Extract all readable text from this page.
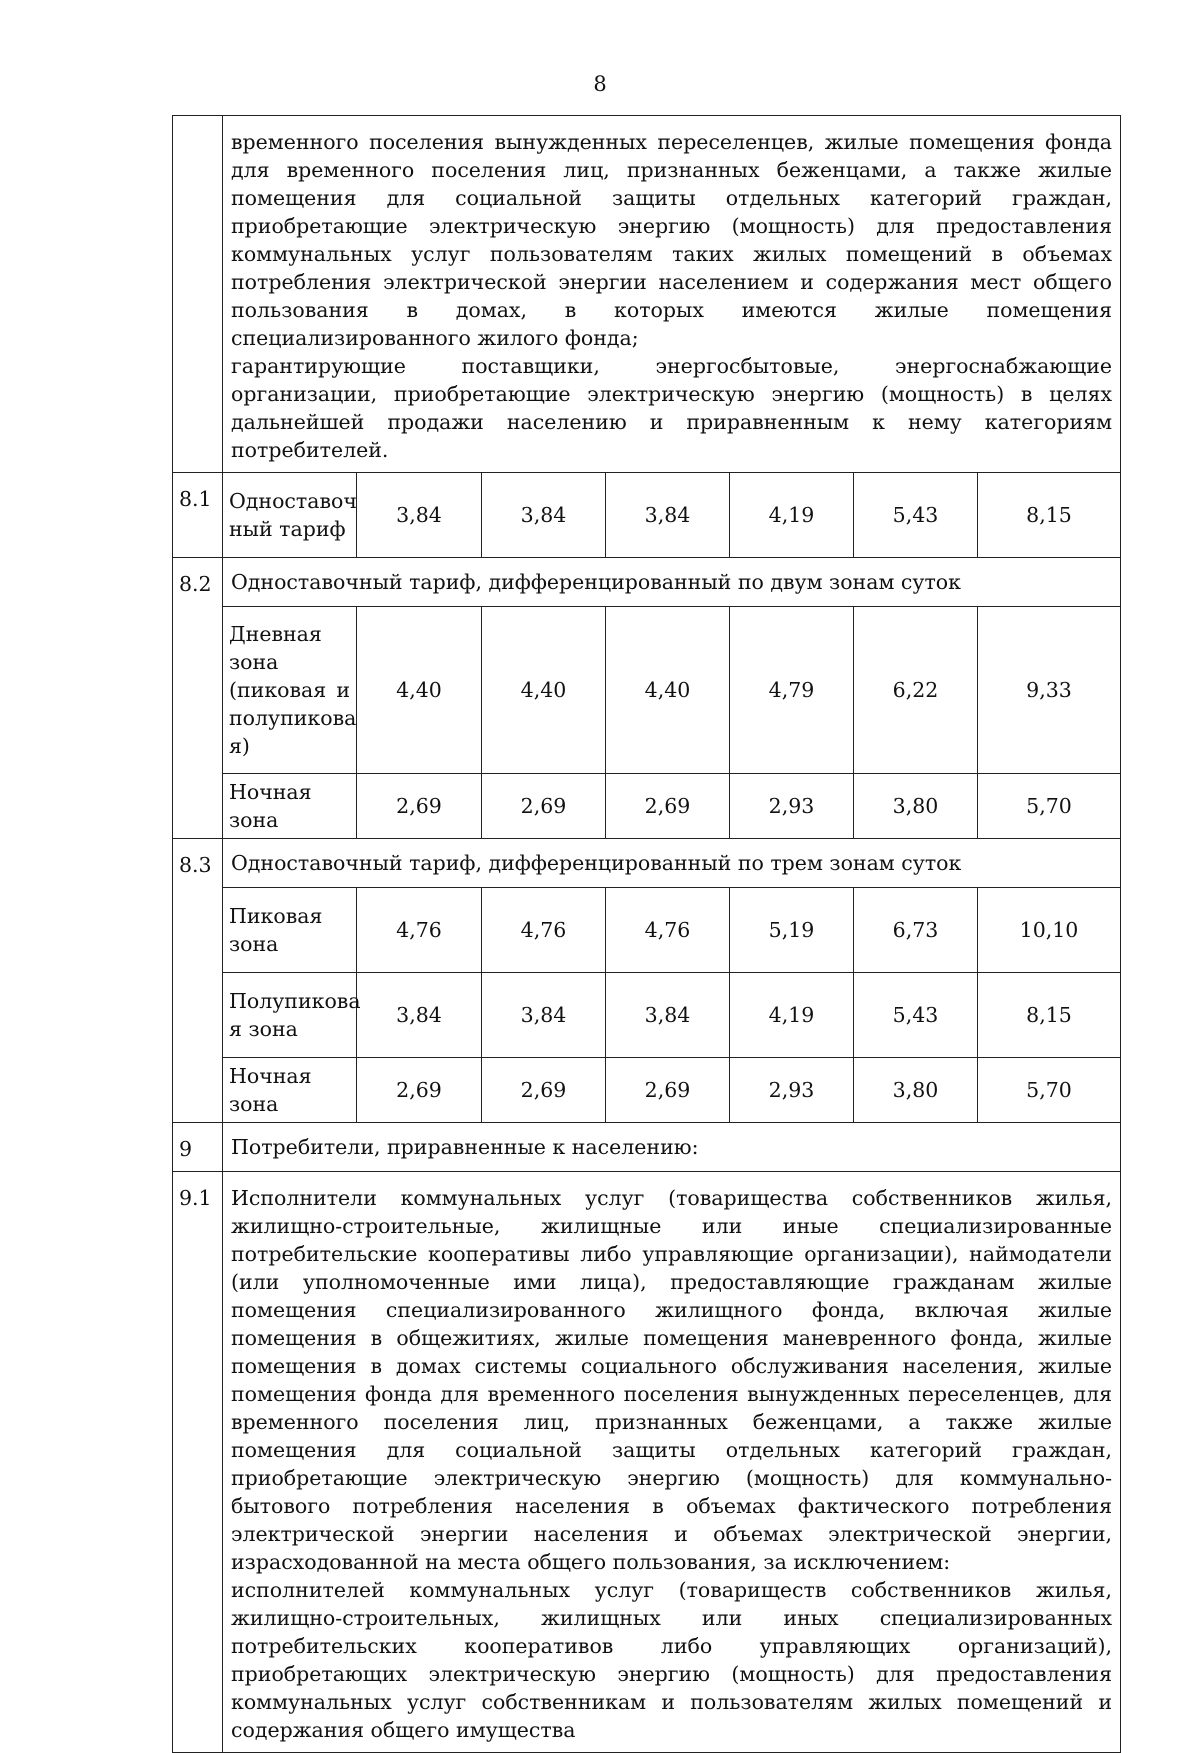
8

	временного поселения вынужденных переселенцев, жилые помещения фонда для временного поселения лиц, признанных беженцами, а также жилые помещения для социальной защиты отдельных категорий граждан, приобретающие электрическую энергию (мощность) для предоставления коммунальных услуг пользователям таких жилых помещений в объемах потребления электрической энергии населением и содержания мест общего пользования в домах, в которых имеются жилые помещения специализированного жилого фонда;

гарантирующие поставщики, энергосбытовые, энергоснабжающие организации, приобретающие электрическую энергию (мощность) в целях дальнейшей продажи населению и приравненным к нему категориям потребителей.						

8.1	Одноставоч ный тариф	3,84	3,84	3,84	4,19	5,43	8,15
8.2	Одноставочный тариф, дифференцированный по двум зонам суток						
	Дневная зона (пиковая и полупикова я)	4,40	4,40	4,40	4,79	6,22	9,33
	Ночная зона	2,69	2,69	2,69	2,93	3,80	5,70
8.3	Одноставочный тариф, дифференцированный по трем зонам суток						
	Пиковая зона	4,76	4,76	4,76	5,19	6,73	10,10
	Полупикова я зона	3,84	3,84	3,84	4,19	5,43	8,15
	Ночная зона	2,69	2,69	2,69	2,93	3,80	5,70
9	Потребители, приравненные к населению:						
9.1	Исполнители коммунальных услуг (товарищества собственников жилья, жилищно-строительные, жилищные или иные специализированные потребительские кооперативы либо управляющие организации), наймодатели (или уполномоченные ими лица), предоставляющие гражданам жилые помещения специализированного жилищного фонда, включая жилые помещения в общежитиях, жилые помещения маневренного фонда, жилые помещения в домах системы социального обслуживания населения, жилые помещения фонда для временного поселения вынужденных переселенцев, для временного поселения лиц, признанных беженцами, а также жилые помещения для социальной защиты отдельных категорий граждан, приобретающие электрическую энергию (мощность) для коммунально-бытового потребления населения в объемах фактического потребления электрической энергии населения и объемах электрической энергии, израсходованной на места общего пользования, за исключением:

исполнителей коммунальных услуг (товариществ собственников жилья, жилищно-строительных, жилищных или иных специализированных потребительских кооперативов либо управляющих организаций), приобретающих электрическую энергию (мощность) для предоставления коммунальных услуг собственникам и пользователям жилых помещений и содержания общего имущества						
